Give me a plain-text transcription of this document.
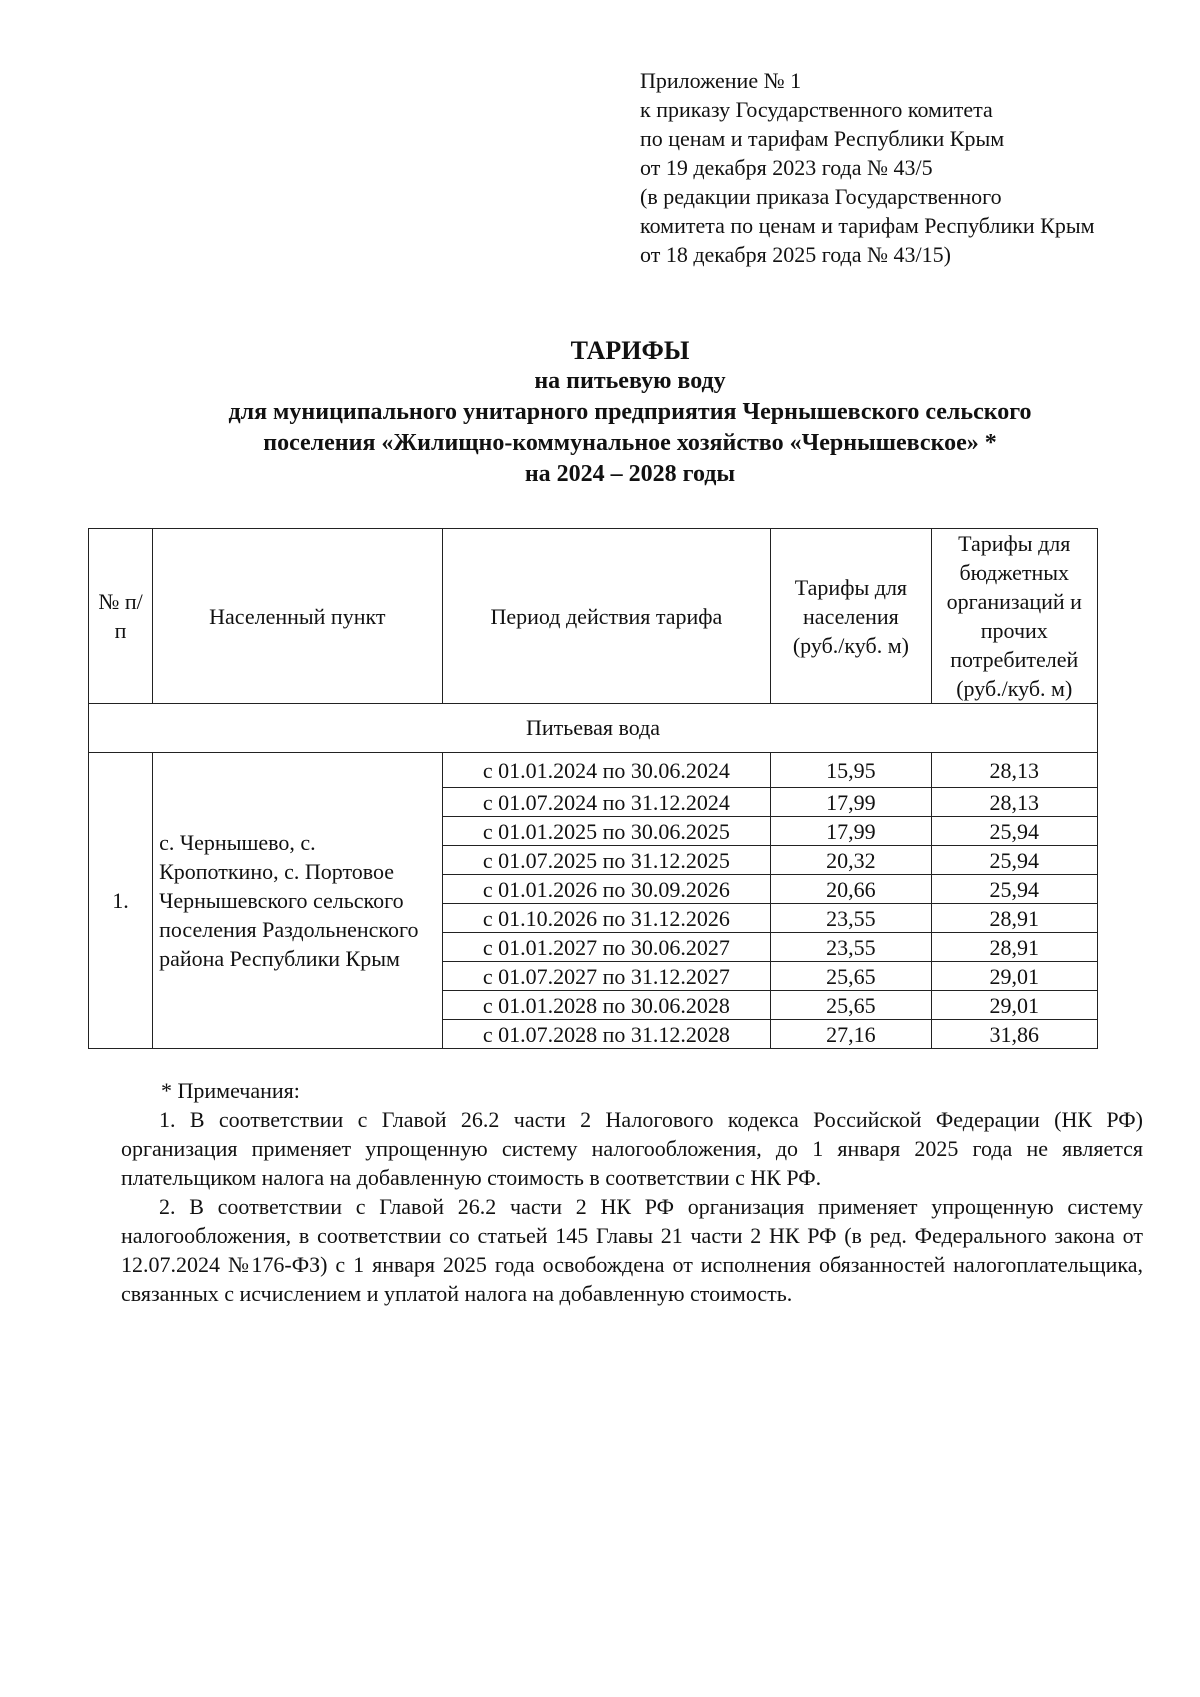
Приложение № 1
к приказу Государственного комитета
по ценам и тарифам Республики Крым
от 19 декабря 2023 года № 43/5
(в редакции приказа Государственного
комитета по ценам и тарифам Республики Крым
от 18 декабря 2025 года № 43/15)
ТАРИФЫ
на питьевую воду
для муниципального унитарного предприятия Чернышевского сельского
поселения «Жилищно-коммунальное хозяйство «Чернышевское» *
на 2024 – 2028 годы
№ п/п	Населенный пункт	Период действия тарифа	Тарифы для населения (руб./куб. м)	Тарифы для бюджетных организаций и прочих потребителей (руб./куб. м)
Питьевая вода				
1.	с. Чернышево, с. Кропоткино, с. Портовое Чернышевского сельского поселения Раздольненского района Республики Крым	с 01.01.2024 по 30.06.2024	15,95	28,13
		с 01.07.2024 по 31.12.2024	17,99	28,13
		с 01.01.2025 по 30.06.2025	17,99	25,94
		с 01.07.2025 по 31.12.2025	20,32	25,94
		с 01.01.2026 по 30.09.2026	20,66	25,94
		с 01.10.2026 по 31.12.2026	23,55	28,91
		с 01.01.2027 по 30.06.2027	23,55	28,91
		с 01.07.2027 по 31.12.2027	25,65	29,01
		с 01.01.2028 по 30.06.2028	25,65	29,01
		с 01.07.2028 по 31.12.2028	27,16	31,86
* Примечания:

1. В соответствии с Главой 26.2 части 2 Налогового кодекса Российской Федерации (НК РФ) организация применяет упрощенную систему налогообложения, до 1 января 2025 года не является плательщиком налога на добавленную стоимость в соответствии с НК РФ.

2. В соответствии с Главой 26.2 части 2 НК РФ организация применяет упрощенную систему налогообложения, в соответствии со статьей 145 Главы 21 части 2 НК РФ (в ред. Федерального закона от 12.07.2024 №176-ФЗ) с 1 января 2025 года освобождена от исполнения обязанностей налогоплательщика, связанных с исчислением и уплатой налога на добавленную стоимость.
